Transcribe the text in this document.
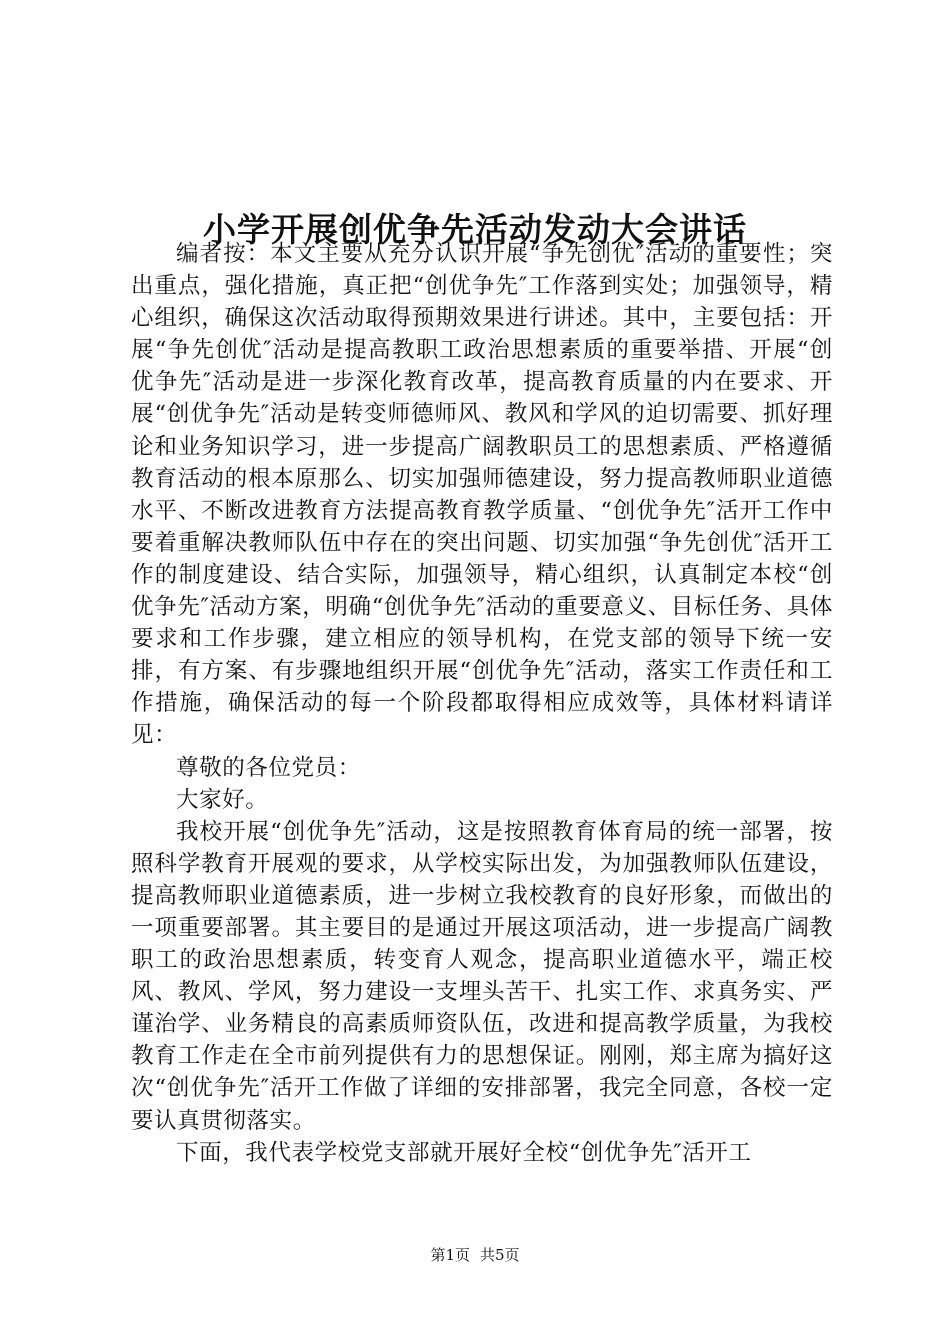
小学开展创优争先活动发动大会讲话

编者按：本文主要从充分认识开展“争先创优″活动的重要性；突出重点，强化措施，真正把“创优争先″工作落到实处；加强领导，精心组织，确保这次活动取得预期效果进行讲述。其中，主要包括：开展“争先创优″活动是提高教职工政治思想素质的重要举措、开展“创优争先″活动是进一步深化教育改革，提高教育质量的内在要求、开展“创优争先″活动是转变师德师风、教风和学风的迫切需要、抓好理论和业务知识学习，进一步提高广阔教职员工的思想素质、严格遵循教育活动的根本原那么、切实加强师德建设，努力提高教师职业道德水平、不断改进教育方法提高教育教学质量、“创优争先″活开工作中要着重解决教师队伍中存在的突出问题、切实加强“争先创优″活开工作的制度建设、结合实际，加强领导，精心组织，认真制定本校“创优争先″活动方案，明确“创优争先″活动的重要意义、目标任务、具体要求和工作步骤，建立相应的领导机构，在党支部的领导下统一安排，有方案、有步骤地组织开展“创优争先″活动，落实工作责任和工作措施，确保活动的每一个阶段都取得相应成效等，具体材料请详见：

尊敬的各位党员：

大家好。

我校开展“创优争先″活动，这是按照教育体育局的统一部署，按照科学教育开展观的要求，从学校实际出发，为加强教师队伍建设，提高教师职业道德素质，进一步树立我校教育的良好形象，而做出的一项重要部署。其主要目的是通过开展这项活动，进一步提高广阔教职工的政治思想素质，转变育人观念，提高职业道德水平，端正校风、教风、学风，努力建设一支埋头苦干、扎实工作、求真务实、严谨治学、业务精良的高素质师资队伍，改进和提高教学质量，为我校教育工作走在全市前列提供有力的思想保证。刚刚，郑主席为搞好这次“创优争先″活开工作做了详细的安排部署，我完全同意，各校一定要认真贯彻落实。

下面，我代表学校党支部就开展好全校“创优争先″活开工

第1页 共5页
